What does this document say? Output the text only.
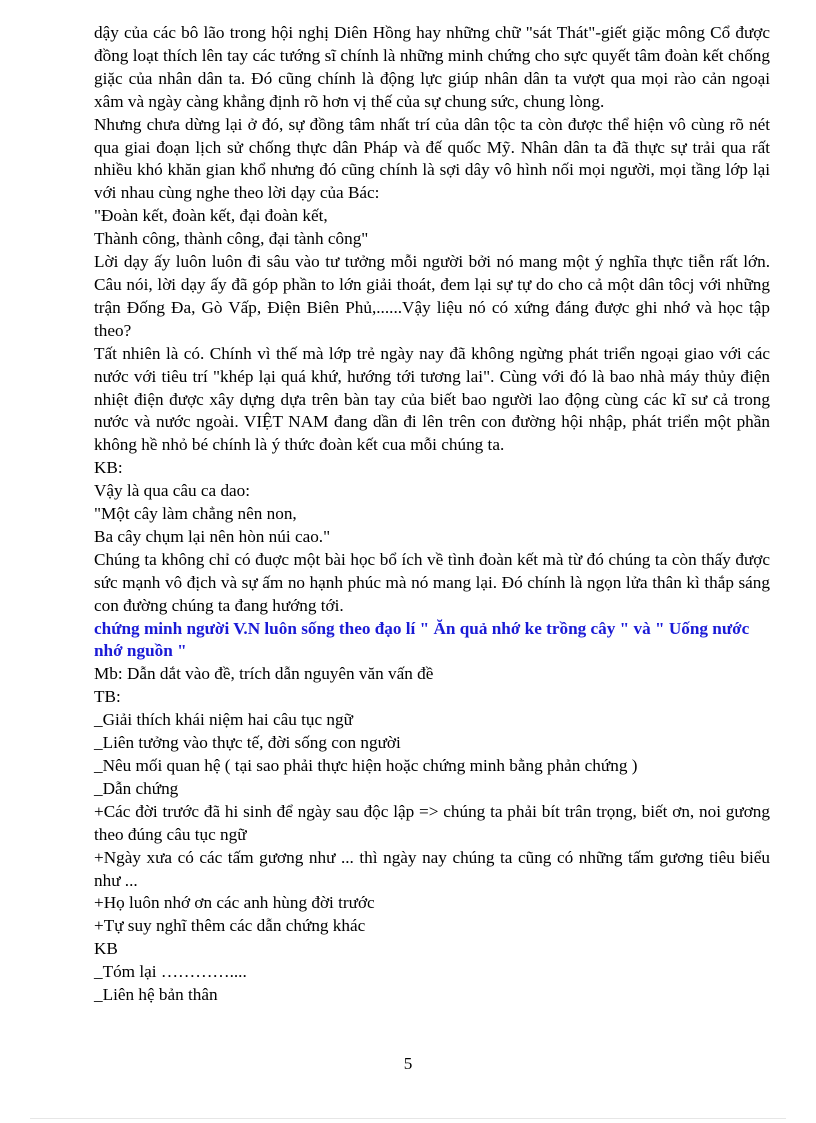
dậy của các bô lão trong hội nghị Diên Hồng hay những chữ "sát Thát"-giết giặc mông Cổ được đồng loạt thích lên tay các tướng sĩ chính là những minh chứng cho sực quyết tâm đoàn kết chống giặc của nhân dân ta. Đó cũng chính là động lực giúp nhân dân ta vượt qua mọi rào cản ngoại xâm và ngày càng khẳng định rõ hơn vị thế của sự chung sức, chung lòng.

Nhưng chưa dừng lại ở đó, sự đồng tâm nhất trí của dân tộc ta còn được thể hiện vô cùng rõ nét qua giai đoạn lịch sử chống thực dân Pháp và đế quốc Mỹ. Nhân dân ta đã thực sự trải qua rất nhiều khó khăn gian khổ nhưng đó cũng chính là sợi dây vô hình nối mọi người, mọi tầng lớp lại với nhau cùng nghe theo lời dạy của Bác:

"Đoàn kết, đoàn kết, đại đoàn kết,

Thành công, thành công, đại tành công"

Lời dạy ấy luôn luôn đi sâu vào tư tưởng mỗi người bởi nó mang một ý nghĩa thực tiễn rất lớn. Câu nói, lời dạy ấy đã góp phần to lớn giải thoát, đem lại sự tự do cho cả một dân tôcj với những trận Đống Đa, Gò Vấp, Điện Biên Phủ,......Vậy liệu nó có xứng đáng được ghi nhớ và học tập theo?

Tất nhiên là có. Chính vì thế mà lớp trẻ ngày nay đã không ngừng phát triển ngoại giao với các nước với tiêu trí "khép lại quá khứ, hướng tới tương lai". Cùng với đó là bao nhà máy thủy điện nhiệt điện được xây dựng dựa trên bàn tay của biết bao người lao động cùng các kĩ sư cả trong nước và nước ngoài. VIỆT NAM đang dần đi lên trên con đường hội nhập, phát triển một phần không hề nhỏ bé chính là ý thức đoàn kết cua mỗi chúng ta.

KB:

Vậy là qua câu ca dao:

"Một cây làm chẳng nên non,

Ba cây chụm lại nên hòn núi cao."

Chúng ta không chỉ có đuợc một bài học bổ ích về tình đoàn kết mà từ đó chúng ta còn thấy được sức mạnh vô địch và sự ấm no hạnh phúc mà nó mang lại. Đó chính là ngọn lửa thân kì thắp sáng con đường chúng ta đang hướng tới.

chứng minh người V.N luôn sống theo đạo lí " Ăn quả nhớ ke trồng cây " và " Uống nước nhớ nguồn "

Mb: Dẫn dắt vào đề, trích dẫn nguyên văn vấn đề

TB:

_Giải thích khái niệm hai câu tục ngữ

_Liên tưởng vào thực tế, đời sống con người

_Nêu mối quan hệ ( tại sao phải thực hiện hoặc chứng minh bằng phản chứng )

_Dẫn chứng

+Các đời trước đã hi sinh để ngày sau độc lập => chúng ta phải bít trân trọng, biết ơn, noi gương theo đúng câu tục ngữ

+Ngày xưa có các tấm gương như ... thì ngày nay chúng ta cũng có những tấm gương tiêu biểu như ...

+Họ luôn nhớ ơn các anh hùng đời trước

+Tự suy nghĩ thêm các dẫn chứng khác

KB

_Tóm lại …………....

_Liên hệ bản thân

5
